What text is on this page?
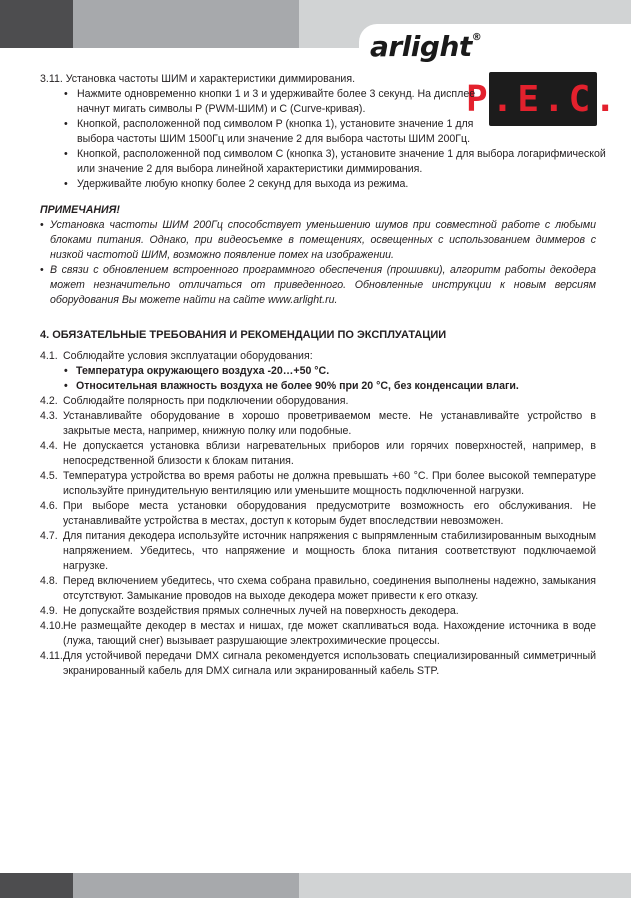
arlight®
P.E.C.
3.11. Установка частоты ШИМ и характеристики диммирования.
• Нажмите одновременно кнопки 1 и 3 и удерживайте более 3 секунд. На дисплее начнут мигать символы P (PWM-ШИМ) и C (Curve-кривая).
• Кнопкой, расположенной под символом P (кнопка 1), установите значение 1 для выбора частоты ШИМ 1500Гц или значение 2 для выбора частоты ШИМ 200Гц.
• Кнопкой, расположенной под символом C (кнопка 3), установите значение 1 для выбора логарифмической или значение 2 для выбора линейной характеристики диммирования.
• Удерживайте любую кнопку более 2 секунд для выхода из режима.
ПРИМЕЧАНИЯ!
• Установка частоты ШИМ 200Гц способствует уменьшению шумов при совместной работе с любыми блоками питания. Однако, при видеосъемке в помещениях, освещенных с использованием диммеров с низкой частотой ШИМ, возможно появление помех на изображении.
• В связи с обновлением встроенного программного обеспечения (прошивки), алгоритм работы декодера может незначительно отличаться от приведенного. Обновленные инструкции к новым версиям оборудования Вы можете найти на сайте www.arlight.ru.
4. ОБЯЗАТЕЛЬНЫЕ ТРЕБОВАНИЯ И РЕКОМЕНДАЦИИ ПО ЭКСПЛУАТАЦИИ
4.1. Соблюдайте условия эксплуатации оборудования:
• Температура окружающего воздуха -20…+50 °C.
• Относительная влажность воздуха не более 90% при 20 °C, без конденсации влаги.
4.2. Соблюдайте полярность при подключении оборудования.
4.3. Устанавливайте оборудование в хорошо проветриваемом месте. Не устанавливайте устройство в закрытые места, например, книжную полку или подобные.
4.4. Не допускается установка вблизи нагревательных приборов или горячих поверхностей, например, в непосредственной близости к блокам питания.
4.5. Температура устройства во время работы не должна превышать +60 °C. При более высокой температуре используйте принудительную вентиляцию или уменьшите мощность подключенной нагрузки.
4.6. При выборе места установки оборудования предусмотрите возможность его обслуживания. Не устанавливайте устройства в местах, доступ к которым будет впоследствии невозможен.
4.7. Для питания декодера используйте источник напряжения с выпрямленным стабилизированным выходным напряжением. Убедитесь, что напряжение и мощность блока питания соответствуют подключаемой нагрузке.
4.8. Перед включением убедитесь, что схема собрана правильно, соединения выполнены надежно, замыкания отсутствуют. Замыкание проводов на выходе декодера может привести к его отказу.
4.9. Не допускайте воздействия прямых солнечных лучей на поверхность декодера.
4.10. Не размещайте декодер в местах и нишах, где может скапливаться вода. Нахождение источника в воде (лужа, тающий снег) вызывает разрушающие электрохимические процессы.
4.11. Для устойчивой передачи DMX сигнала рекомендуется использовать специализированный симметричный экранированный кабель для DMX сигнала или экранированный кабель STP.
